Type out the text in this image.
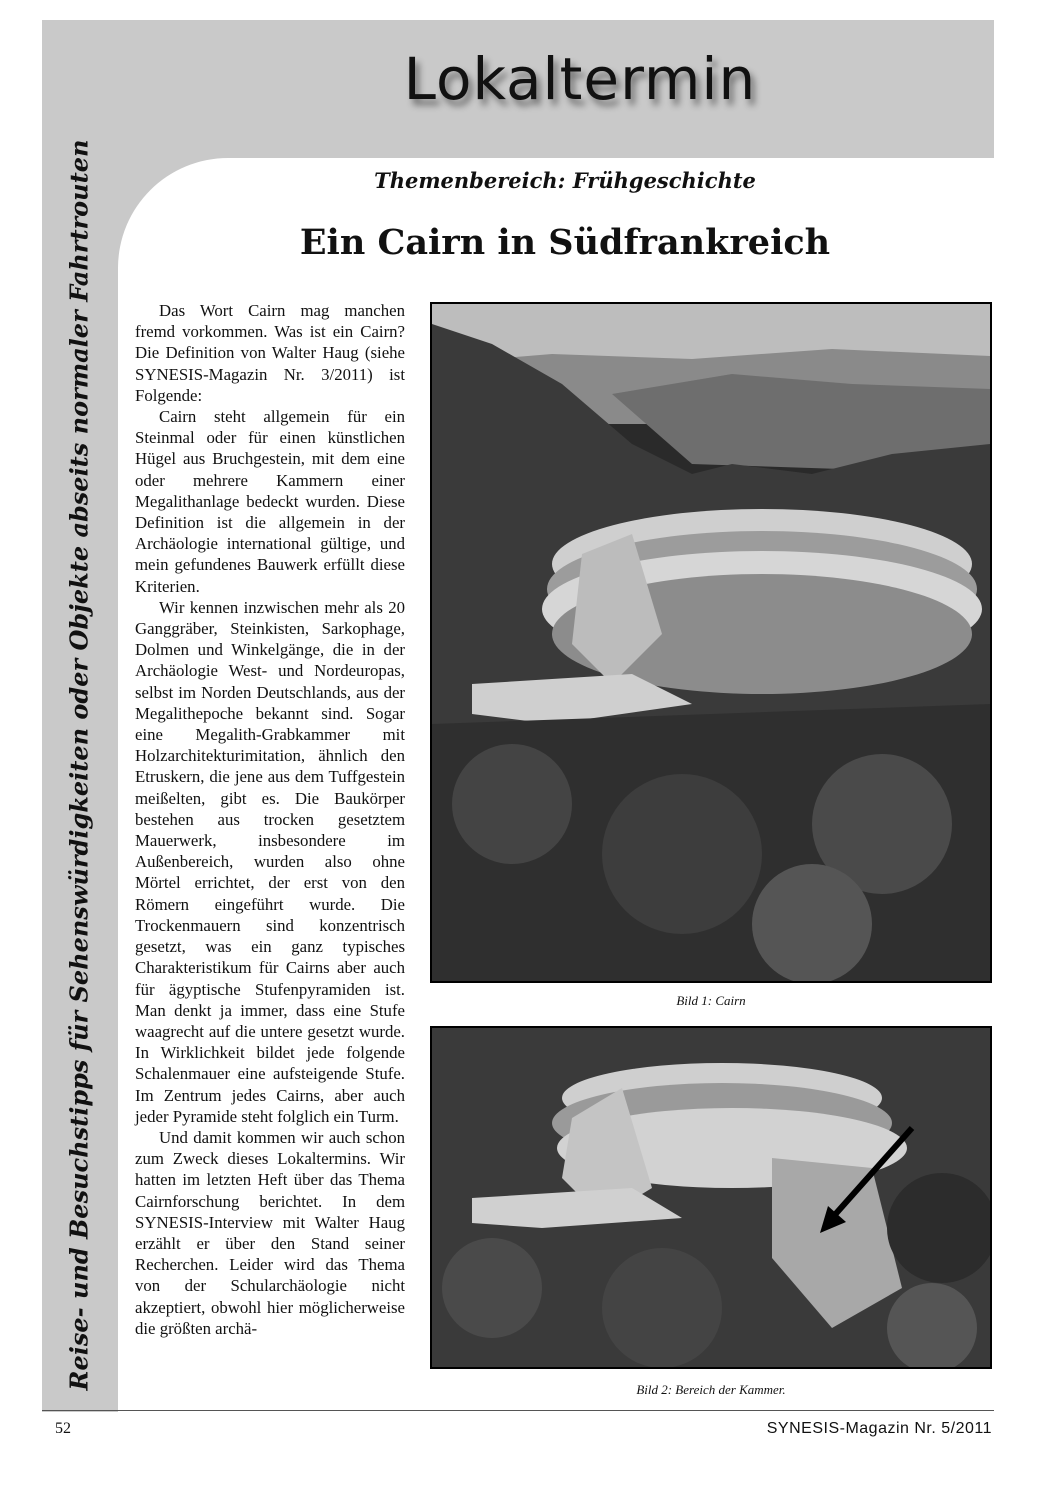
Lokaltermin
Reise- und Besuchstipps für Sehenswürdigkeiten oder Objekte abseits normaler Fahrtrouten	Themenbereich: Frühgeschichte
Ein Cairn in Südfrankreich

Das Wort Cairn mag manchen fremd vorkommen. Was ist ein Cairn? Die Definition von Walter Haug (siehe SYNESIS-Magazin Nr. 3/2011) ist Folgende:

Cairn steht allgemein für ein Steinmal oder für einen künstlichen Hügel aus Bruchgestein, mit dem eine oder mehrere Kammern einer Megalithanlage bedeckt wurden. Diese Definition ist die allgemein in der Archäologie international gültige, und mein gefundenes Bauwerk erfüllt diese Kriterien.

Wir kennen inzwischen mehr als 20 Ganggräber, Steinkisten, Sarkophage, Dolmen und Winkelgänge, die in der Archäologie West- und Nordeuropas, selbst im Norden Deutschlands, aus der Megalithepoche bekannt sind. Sogar eine Megalith-Grabkammer mit Holzarchitekturimitation, ähnlich den Etruskern, die jene aus dem Tuffgestein meißelten, gibt es. Die Baukörper bestehen aus trocken gesetztem Mauerwerk, insbesondere im Außenbereich, wurden also ohne Mörtel errichtet, der erst von den Römern eingeführt wurde. Die Trockenmauern sind konzentrisch gesetzt, was ein ganz typisches Charakteristikum für Cairns aber auch für ägyptische Stufenpyramiden ist. Man denkt ja immer, dass eine Stufe waagrecht auf die untere gesetzt wurde. In Wirklichkeit bildet jede folgende Schalenmauer eine aufsteigende Stufe. Im Zentrum jedes Cairns, aber auch jeder Pyramide steht folglich ein Turm.

Und damit kommen wir auch schon zum Zweck dieses Lokaltermins. Wir hatten im letzten Heft über das Thema Cairnforschung berichtet. In dem SYNESIS-Interview mit Walter Haug erzählt er über den Stand seiner Recherchen. Leider wird das Thema von der Schularchäologie nicht akzeptiert, obwohl hier möglicherweise die größten archä-

Bild 1: Cairn
Bild 2: Bereich der Kammer.
52	SYNESIS-Magazin Nr. 5/2011
